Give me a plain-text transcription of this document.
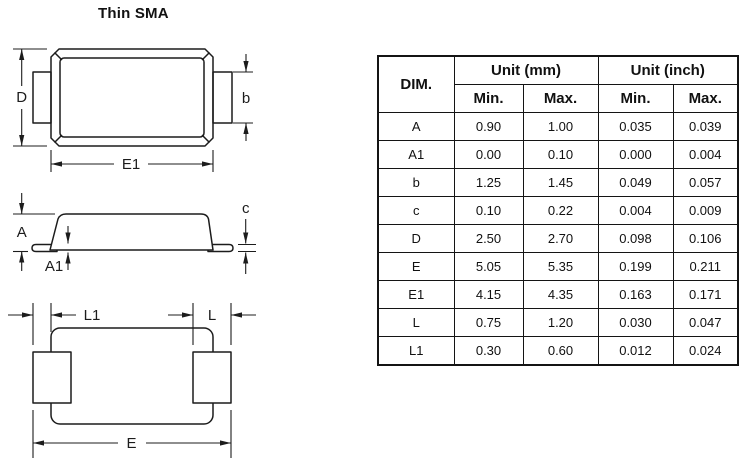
Thin SMA
D	b
E1
A
A1
c
L1	L
E
DIM.	Unit (mm)		Unit (inch)	
	Min.	Max.	Min.	Max.
A	0.90	1.00	0.035	0.039
A1	0.00	0.10	0.000	0.004
b	1.25	1.45	0.049	0.057
c	0.10	0.22	0.004	0.009
D	2.50	2.70	0.098	0.106
E	5.05	5.35	0.199	0.211
E1	4.15	4.35	0.163	0.171
L	0.75	1.20	0.030	0.047
L1	0.30	0.60	0.012	0.024
